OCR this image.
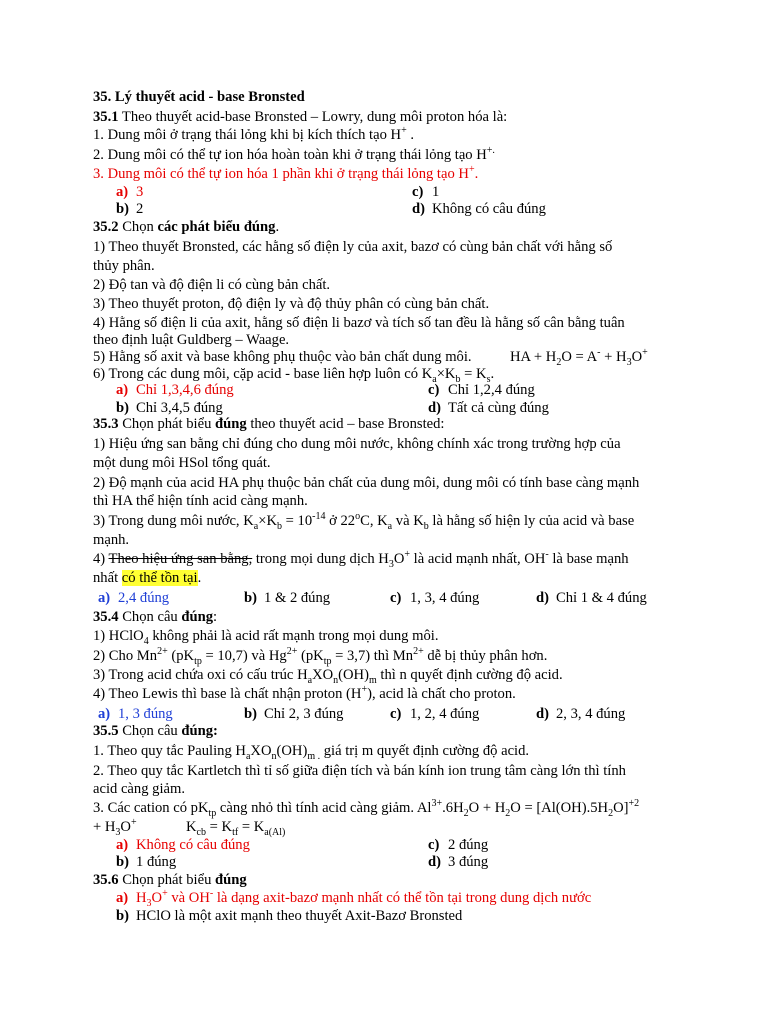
35. Lý thuyết acid - base Bronsted
35.1 Theo thuyết acid-base Bronsted – Lowry, dung môi proton hóa là:
1. Dung môi ở trạng thái lỏng khi bị kích thích tạo H+ .
2. Dung môi có thể tự ion hóa hoàn toàn khi ở trạng thái lỏng tạo H+.
3. Dung môi có thể tự ion hóa 1 phần khi ở trạng thái lỏng tạo H+.
a) 3	c) 1
b) 2	d) Không có câu đúng
35.2 Chọn các phát biểu đúng.
1) Theo thuyết Bronsted, các hằng số điện ly của axit, bazơ có cùng bản chất với hằng số
thủy phân.
2) Độ tan và độ điện li có cùng bản chất.
3) Theo thuyết proton, độ điện ly và độ thủy phân có cùng bản chất.
4) Hằng số điện li của axit, hằng số điện li bazơ và tích số tan đều là hằng số cân bằng tuân
theo định luật Guldberg – Waage.
5) Hằng số axit và base không phụ thuộc vào bản chất dung môi.	HA + $H_2O = A^- + H_3O^+$
6) Trong các dung môi, cặp acid - base liên hợp luôn có $K_a\times K_b = K_s$.
a) Chỉ 1,3,4,6 đúng	c) Chỉ 1,2,4 đúng
b) Chỉ 3,4,5 đúng	d) Tất cả cùng đúng
35.3 Chọn phát biểu đúng theo thuyết acid – base Bronsted:
1) Hiệu ứng san bằng chỉ đúng cho dung môi nước, không chính xác trong trường hợp của
một dung môi HSol tổng quát.
2) Độ mạnh của acid HA phụ thuộc bản chất của dung môi, dung môi có tính base càng mạnh
thì HA thể hiện tính acid càng mạnh.
3) Trong dung môi nước, $K_a\times K_b = 10^{-14}$ ở 22$^o$C, $K_a$ và $K_b$ là hằng số hiện ly của acid và base
mạnh.
4) Theo hiệu ứng san bằng, trong mọi dung dịch $H_3O^+$ là acid mạnh nhất, OH- là base mạnh
nhất có thể tồn tại.
a) 2,4 đúng	b) 1 & 2 đúng	c) 1, 3, 4 đúng	d) Chỉ 1 & 4 đúng
35.4 Chọn câu đúng:
1) HClO$_4$ không phải là acid rất mạnh trong mọi dung môi.
2) Cho $Mn^{2+}$ $(pK_{tp} = 10,7)$ và $Hg^{2+}$ $(pK_{tp} = 3,7)$ thì $Mn^{2+}$ dễ bị thủy phân hơn.
3) Trong acid chứa oxi có cấu trúc $H_aXO_n(OH)_m$ thì n quyết định cường độ acid.
4) Theo Lewis thì base là chất nhận proton (H+), acid là chất cho proton.
a) 1, 3 đúng	b) Chỉ 2, 3 đúng	c) 1, 2, 4 đúng	d) 2, 3, 4 đúng
35.5 Chọn câu đúng:
1. Theo quy tắc Pauling $H_aXO_n(OH)_{m .}$ giá trị m quyết định cường độ acid.
2. Theo quy tắc Kartletch thì tỉ số giữa điện tích và bán kính ion trung tâm càng lớn thì tính
acid càng giảm.
3. Các cation có $pK_{tp}$ càng nhỏ thì tính acid càng giảm. $Al^{3+}.6H_2O + H_2O = [Al(OH).5H_2O]^{+2}$
+ $H_3O^+$	$K_{cb} = K_{tf} = K_{a(Al)}$
a) Không có câu đúng	c) 2 đúng
b) 1 đúng	d) 3 đúng
35.6 Chọn phát biểu đúng
a) $H_3O^+$ và OH- là dạng axit-bazơ mạnh nhất có thể tồn tại trong dung dịch nước
b) HClO là một axit mạnh theo thuyết Axit-Bazơ Bronsted
